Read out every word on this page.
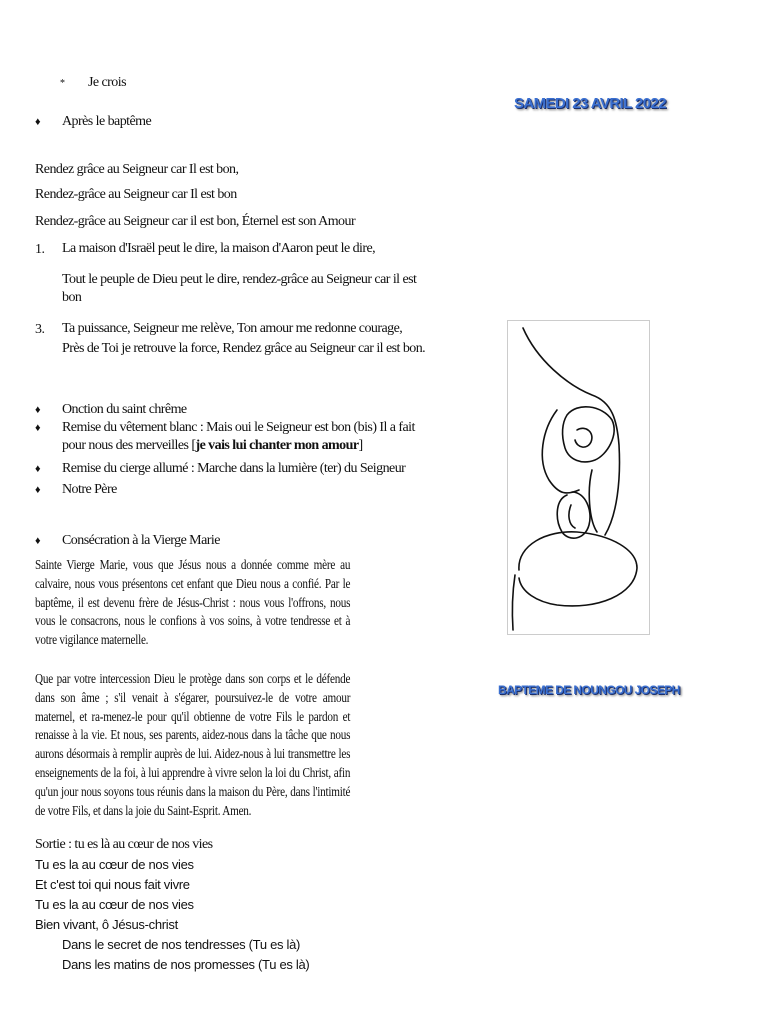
* Je crois
♦ Après le baptême
Rendez grâce au Seigneur car Il est bon,
Rendez-grâce au Seigneur car Il est bon
Rendez-grâce au Seigneur car il est bon, Éternel est son Amour
1. La maison d'Israël peut le dire, la maison d'Aaron peut le dire,
Tout le peuple de Dieu peut le dire, rendez-grâce au Seigneur car il est
bon
3. Ta puissance, Seigneur me relève, Ton amour me redonne courage,
Près de Toi je retrouve la force, Rendez grâce au Seigneur car il est bon.
♦ Onction du saint chrême
♦ Remise du vêtement blanc : Mais oui le Seigneur est bon (bis) Il a fait
pour nous des merveilles [je vais lui chanter mon amour]
♦ Remise du cierge allumé : Marche dans la lumière (ter) du Seigneur
♦ Notre Père
♦ Consécration à la Vierge Marie
Sainte Vierge Marie, vous que Jésus nous a donnée comme mère au calvaire, nous vous présentons cet enfant que Dieu nous a confié. Par le baptême, il est devenu frère de Jésus-Christ : nous vous l'offrons, nous vous le consacrons, nous le confions à vos soins, à votre tendresse et à votre vigilance maternelle.
Que par votre intercession Dieu le protège dans son corps et le défende dans son âme ; s'il venait à s'égarer, poursuivez-le de votre amour maternel, et ra-menez-le pour qu'il obtienne de votre Fils le pardon et renaisse à la vie. Et nous, ses parents, aidez-nous dans la tâche que nous aurons désormais à remplir auprès de lui. Aidez-nous à lui transmettre les enseignements de la foi, à lui apprendre à vivre selon la loi du Christ, afin qu'un jour nous soyons tous réunis dans la maison du Père, dans l'intimité de votre Fils, et dans la joie du Saint-Esprit. Amen.
Sortie : tu es là au cœur de nos vies
Tu es la au cœur de nos vies
Et c'est toi qui nous fait vivre
Tu es la au cœur de nos vies
Bien vivant, ô Jésus-christ
Dans le secret de nos tendresses (Tu es là)
Dans les matins de nos promesses (Tu es là)
SAMEDI 23 AVRIL 2022
BAPTEME DE NOUNGOU JOSEPH
